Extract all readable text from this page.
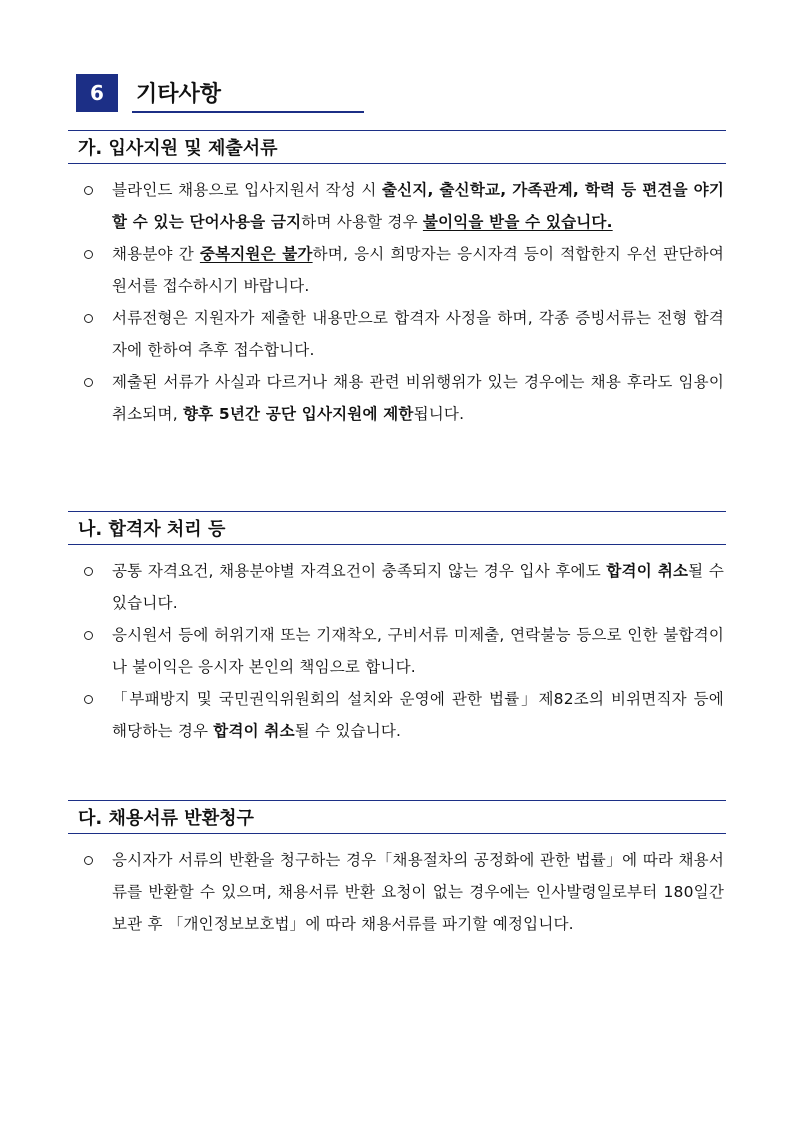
6	기타사항
가. 입사지원 및 제출서류
블라인드 채용으로 입사지원서 작성 시 출신지, 출신학교, 가족관계, 학력 등 편견을 야기할 수 있는 단어사용을 금지하며 사용할 경우 불이익을 받을 수 있습니다.
채용분야 간 중복지원은 불가하며, 응시 희망자는 응시자격 등이 적합한지 우선 판단하여 원서를 접수하시기 바랍니다.
서류전형은 지원자가 제출한 내용만으로 합격자 사정을 하며, 각종 증빙서류는 전형 합격자에 한하여 추후 접수합니다.
제출된 서류가 사실과 다르거나 채용 관련 비위행위가 있는 경우에는 채용 후라도 임용이 취소되며, 향후 5년간 공단 입사지원에 제한됩니다.
나. 합격자 처리 등
공통 자격요건, 채용분야별 자격요건이 충족되지 않는 경우 입사 후에도 합격이 취소될 수 있습니다.
응시원서 등에 허위기재 또는 기재착오, 구비서류 미제출, 연락불능 등으로 인한 불합격이나 불이익은 응시자 본인의 책임으로 합니다.
「부패방지 및 국민권익위원회의 설치와 운영에 관한 법률」제82조의 비위면직자 등에 해당하는 경우 합격이 취소될 수 있습니다.
다. 채용서류 반환청구
응시자가 서류의 반환을 청구하는 경우「채용절차의 공정화에 관한 법률」에 따라 채용서류를 반환할 수 있으며, 채용서류 반환 요청이 없는 경우에는 인사발령일로부터 180일간 보관 후 「개인정보보호법」에 따라 채용서류를 파기할 예정입니다.
